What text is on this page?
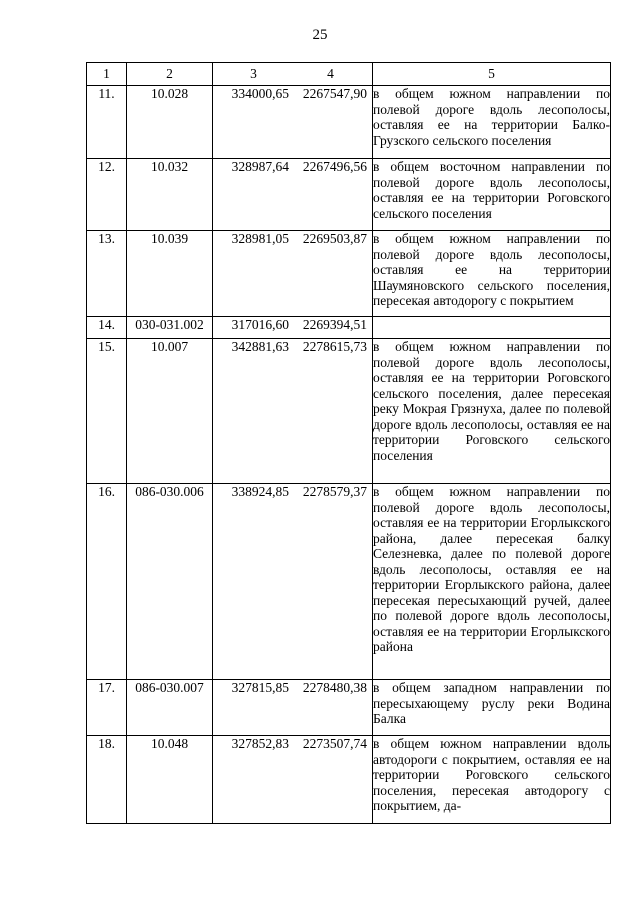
25
1	2	3 4	5
11.	10.028	334000,65 2267547,90	в общем южном направлении по полевой дороге вдоль лесополосы, оставляя ее на территории Балко-Грузского сельского поселения
12.	10.032	328987,64 2267496,56	в общем восточном направлении по полевой дороге вдоль лесополосы, оставляя ее на территории Роговского сельского поселения
13.	10.039	328981,05 2269503,87	в общем южном направлении по полевой дороге вдоль лесополосы, оставляя ее на территории Шаумяновского сельского поселения, пересекая автодорогу с покрытием
14.	030-031.002	317016,60 2269394,51	
15.	10.007	342881,63 2278615,73	в общем южном направлении по полевой дороге вдоль лесополосы, оставляя ее на территории Роговского сельского поселения, далее пересекая реку Мокрая Грязнуха, далее по полевой дороге вдоль лесополосы, оставляя ее на территории Роговского сельского поселения
16.	086-030.006	338924,85 2278579,37	в общем южном направлении по полевой дороге вдоль лесополосы, оставляя ее на территории Егорлыкского района, далее пересекая балку Селезневка, далее по полевой дороге вдоль лесополосы, оставляя ее на территории Егорлыкского района, далее пересекая пересыхающий ручей, далее по полевой дороге вдоль лесополосы, оставляя ее на территории Егорлыкского района
17.	086-030.007	327815,85 2278480,38	в общем западном направлении по пересыхающему руслу реки Водина Балка
18.	10.048	327852,83 2273507,74	в общем южном направлении вдоль автодороги с покрытием, оставляя ее на территории Роговского сельского поселения, пересекая автодорогу с покрытием, да-
